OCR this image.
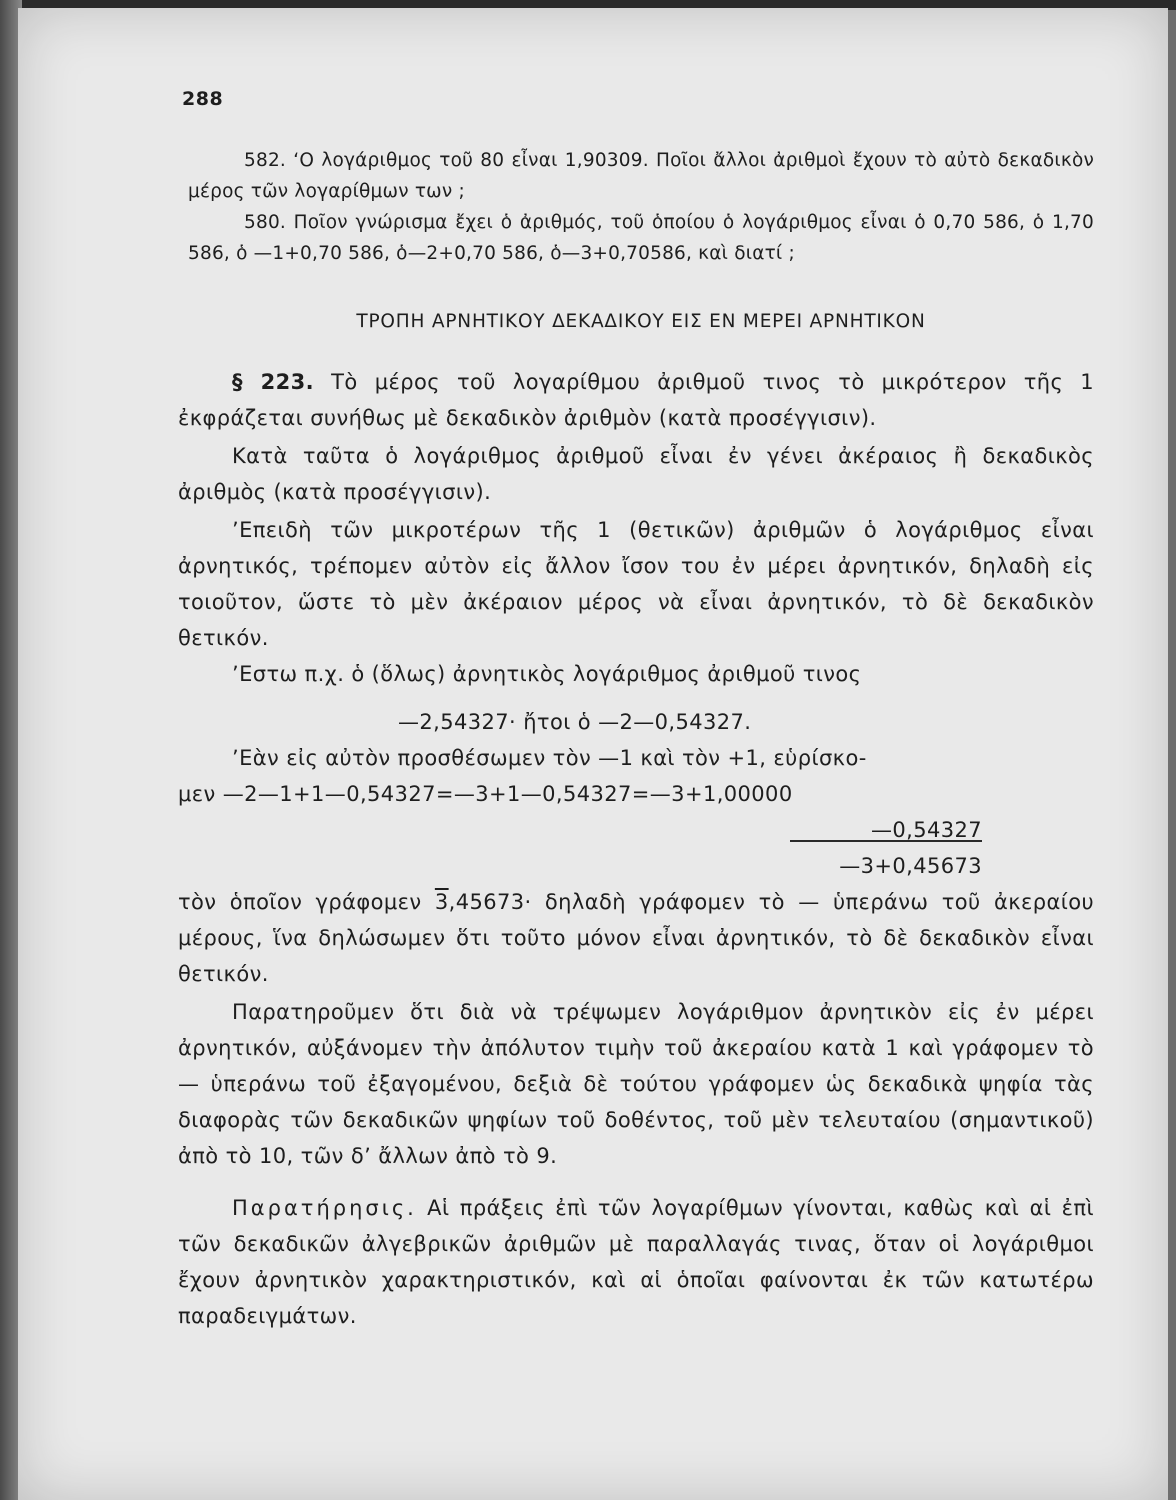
288

582. ʻΟ λογάριθμος τοῦ 80 εἶναι 1,90309. Ποῖοι ἄλλοι ἀριθμοὶ ἔχουν τὸ αὐτὸ δεκαδικὸν μέρος τῶν λογαρίθμων των ;

580. Ποῖον γνώρισμα ἔχει ὁ ἀριθμός, τοῦ ὁποίου ὁ λογάριθμος εἶναι ὁ 0,70 586, ὁ 1,70 586, ὁ —1+0,70 586, ὁ—2+0,70 586, ὁ—3+0,70586, καὶ διατί ;

ΤΡΟΠΗ ΑΡΝΗΤΙΚΟΥ ΔΕΚΑΔΙΚΟΥ ΕΙΣ ΕΝ ΜΕΡΕΙ ΑΡΝΗΤΙΚΟΝ

§ 223. Τὸ μέρος τοῦ λογαρίθμου ἀριθμοῦ τινος τὸ μικρότερον τῆς 1 ἐκφράζεται συνήθως μὲ δεκαδικὸν ἀριθμὸν (κατὰ προσέγγισιν).

Κατὰ ταῦτα ὁ λογάριθμος ἀριθμοῦ εἶναι ἐν γένει ἀκέραιος ἢ δεκαδικὸς ἀριθμὸς (κατὰ προσέγγισιν).

ʼΕπειδὴ τῶν μικροτέρων τῆς 1 (θετικῶν) ἀριθμῶν ὁ λογάριθμος εἶναι ἀρνητικός, τρέπομεν αὐτὸν εἰς ἄλλον ἴσον του ἐν μέρει ἀρνητικόν, δηλαδὴ εἰς τοιοῦτον, ὥστε τὸ μὲν ἀκέραιον μέρος νὰ εἶναι ἀρνητικόν, τὸ δὲ δεκαδικὸν θετικόν.

ʼΕστω π.χ. ὁ (ὅλως) ἀρνητικὸς λογάριθμος ἀριθμοῦ τινος

—2,54327· ἤτοι ὁ —2—0,54327.

ʼΕὰν εἰς αὐτὸν προσθέσωμεν τὸν —1 καὶ τὸν +1, εὑρίσκο-

μεν —2—1+1—0,54327=—3+1—0,54327=—3+1,00000

—0,54327
—3+0,45673

τὸν ὁποῖον γράφομεν 3,45673· δηλαδὴ γράφομεν τὸ — ὑπεράνω τοῦ ἀκεραίου μέρους, ἵνα δηλώσωμεν ὅτι τοῦτο μόνον εἶναι ἀρνητικόν, τὸ δὲ δεκαδικὸν εἶναι θετικόν.

Παρατηροῦμεν ὅτι διὰ νὰ τρέψωμεν λογάριθμον ἀρνητικὸν εἰς ἐν μέρει ἀρνητικόν, αὐξάνομεν τὴν ἀπόλυτον τιμὴν τοῦ ἀκεραίου κατὰ 1 καὶ γράφομεν τὸ — ὑπεράνω τοῦ ἐξαγομένου, δεξιὰ δὲ τούτου γράφομεν ὡς δεκαδικὰ ψηφία τὰς διαφορὰς τῶν δεκαδικῶν ψηφίων τοῦ δοθέντος, τοῦ μὲν τελευταίου (σημαντικοῦ) ἀπὸ τὸ 10, τῶν δʼ ἄλλων ἀπὸ τὸ 9.

Παρατήρησις. Αἱ πράξεις ἐπὶ τῶν λογαρίθμων γίνονται, καθὼς καὶ αἱ ἐπὶ τῶν δεκαδικῶν ἀλγεβρικῶν ἀριθμῶν μὲ παραλλαγάς τινας, ὅταν οἱ λογάριθμοι ἔχουν ἀρνητικὸν χαρακτηριστικόν, καὶ αἱ ὁποῖαι φαίνονται ἐκ τῶν κατωτέρω παραδειγμάτων.
